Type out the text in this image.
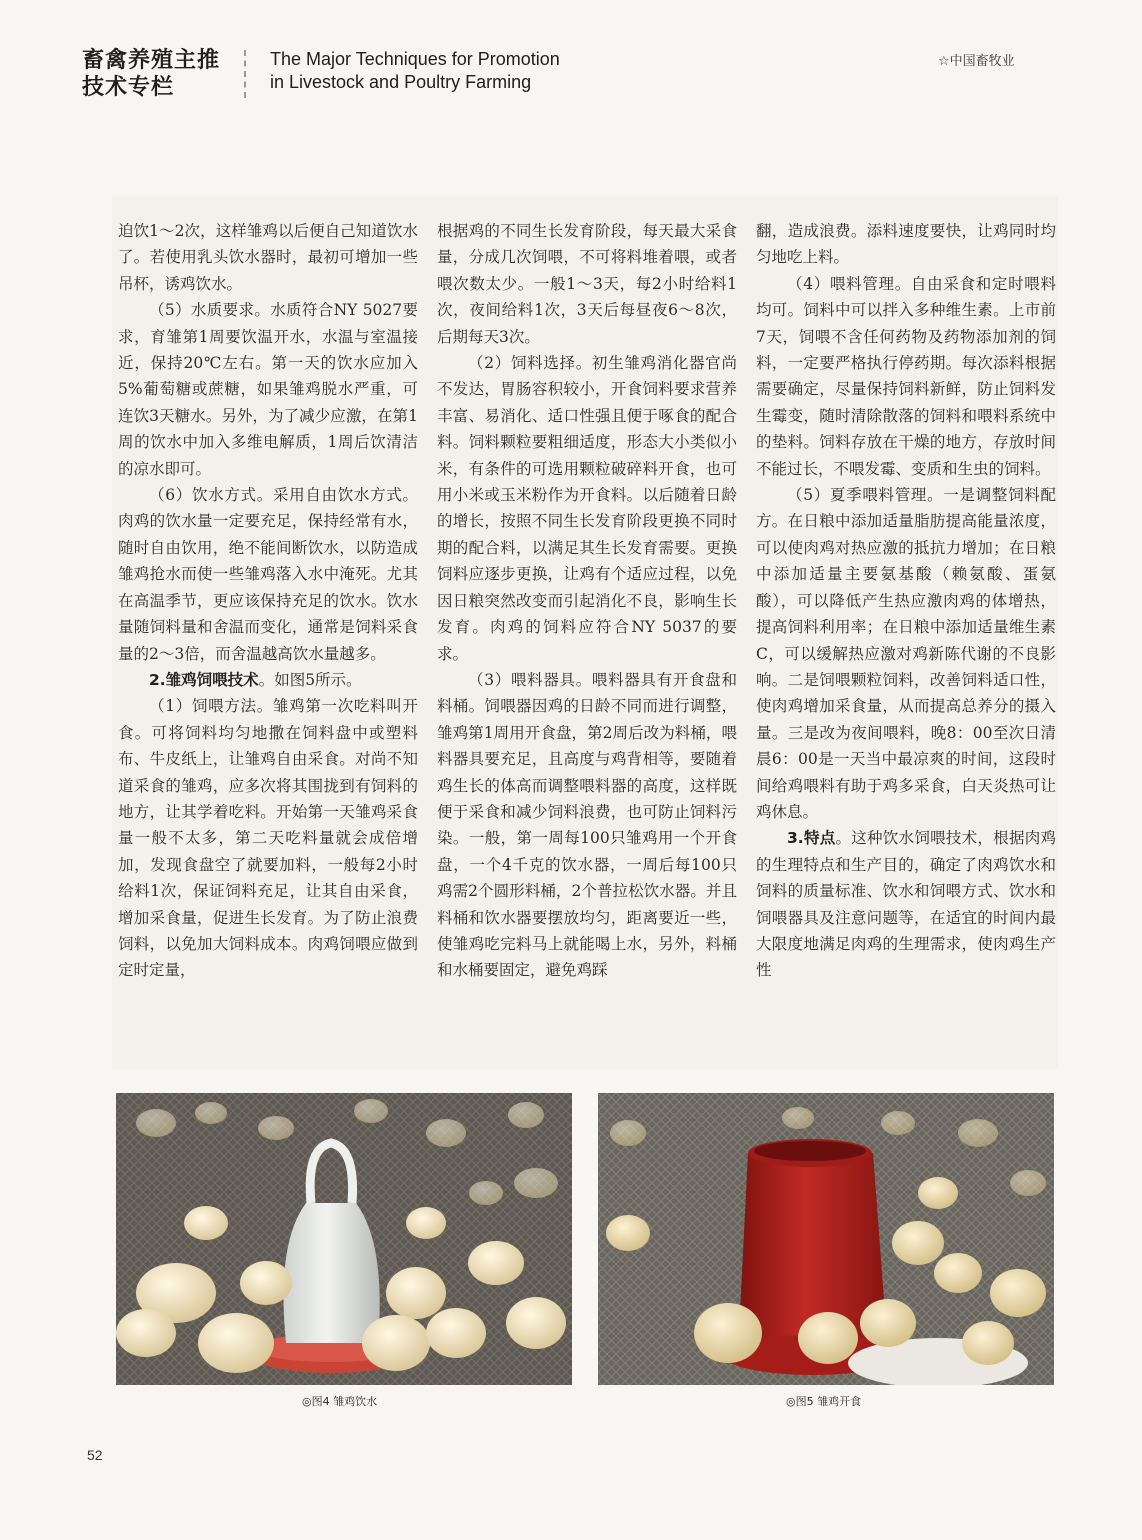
畜禽养殖主推
技术专栏
The Major Techniques for Promotion
in Livestock and Poultry Farming
☆中国畜牧业

迫饮1～2次，这样雏鸡以后便自己知道饮水了。若使用乳头饮水器时，最初可增加一些吊杯，诱鸡饮水。

（5）水质要求。水质符合NY 5027要求，育雏第1周要饮温开水，水温与室温接近，保持20℃左右。第一天的饮水应加入5%葡萄糖或蔗糖，如果雏鸡脱水严重，可连饮3天糖水。另外，为了减少应激，在第1周的饮水中加入多维电解质，1周后饮清洁的凉水即可。

（6）饮水方式。采用自由饮水方式。肉鸡的饮水量一定要充足，保持经常有水，随时自由饮用，绝不能间断饮水，以防造成雏鸡抢水而使一些雏鸡落入水中淹死。尤其在高温季节，更应该保持充足的饮水。饮水量随饲料量和舍温而变化，通常是饲料采食量的2～3倍，而舍温越高饮水量越多。

2.雏鸡饲喂技术。如图5所示。

（1）饲喂方法。雏鸡第一次吃料叫开食。可将饲料均匀地撒在饲料盘中或塑料布、牛皮纸上，让雏鸡自由采食。对尚不知道采食的雏鸡，应多次将其围拢到有饲料的地方，让其学着吃料。开始第一天雏鸡采食量一般不太多，第二天吃料量就会成倍增加，发现食盘空了就要加料，一般每2小时给料1次，保证饲料充足，让其自由采食，增加采食量，促进生长发育。为了防止浪费饲料，以免加大饲料成本。肉鸡饲喂应做到定时定量，

根据鸡的不同生长发育阶段，每天最大采食量，分成几次饲喂，不可将料堆着喂，或者喂次数太少。一般1～3天，每2小时给料1次，夜间给料1次，3天后每昼夜6～8次，后期每天3次。

（2）饲料选择。初生雏鸡消化器官尚不发达，胃肠容积较小，开食饲料要求营养丰富、易消化、适口性强且便于啄食的配合料。饲料颗粒要粗细适度，形态大小类似小米，有条件的可选用颗粒破碎料开食，也可用小米或玉米粉作为开食料。以后随着日龄的增长，按照不同生长发育阶段更换不同时期的配合料，以满足其生长发育需要。更换饲料应逐步更换，让鸡有个适应过程，以免因日粮突然改变而引起消化不良，影响生长发育。肉鸡的饲料应符合NY 5037的要求。

（3）喂料器具。喂料器具有开食盘和料桶。饲喂器因鸡的日龄不同而进行调整，雏鸡第1周用开食盘，第2周后改为料桶，喂料器具要充足，且高度与鸡背相等，要随着鸡生长的体高而调整喂料器的高度，这样既便于采食和减少饲料浪费，也可防止饲料污染。一般，第一周每100只雏鸡用一个开食盘，一个4千克的饮水器，一周后每100只鸡需2个圆形料桶，2个普拉松饮水器。并且料桶和饮水器要摆放均匀，距离要近一些，使雏鸡吃完料马上就能喝上水，另外，料桶和水桶要固定，避免鸡踩

翻，造成浪费。添料速度要快，让鸡同时均匀地吃上料。

（4）喂料管理。自由采食和定时喂料均可。饲料中可以拌入多种维生素。上市前7天，饲喂不含任何药物及药物添加剂的饲料，一定要严格执行停药期。每次添料根据需要确定，尽量保持饲料新鲜，防止饲料发生霉变，随时清除散落的饲料和喂料系统中的垫料。饲料存放在干燥的地方，存放时间不能过长，不喂发霉、变质和生虫的饲料。

（5）夏季喂料管理。一是调整饲料配方。在日粮中添加适量脂肪提高能量浓度，可以使肉鸡对热应激的抵抗力增加；在日粮中添加适量主要氨基酸（赖氨酸、蛋氨酸），可以降低产生热应激肉鸡的体增热，提高饲料利用率；在日粮中添加适量维生素C，可以缓解热应激对鸡新陈代谢的不良影响。二是饲喂颗粒饲料，改善饲料适口性，使肉鸡增加采食量，从而提高总养分的摄入量。三是改为夜间喂料，晚8：00至次日清晨6：00是一天当中最凉爽的时间，这段时间给鸡喂料有助于鸡多采食，白天炎热可让鸡休息。

3.特点。这种饮水饲喂技术，根据肉鸡的生理特点和生产目的，确定了肉鸡饮水和饲料的质量标准、饮水和饲喂方式、饮水和饲喂器具及注意问题等，在适宜的时间内最大限度地满足肉鸡的生理需求，使肉鸡生产性

◎图4 雏鸡饮水	◎图5 雏鸡开食
52
